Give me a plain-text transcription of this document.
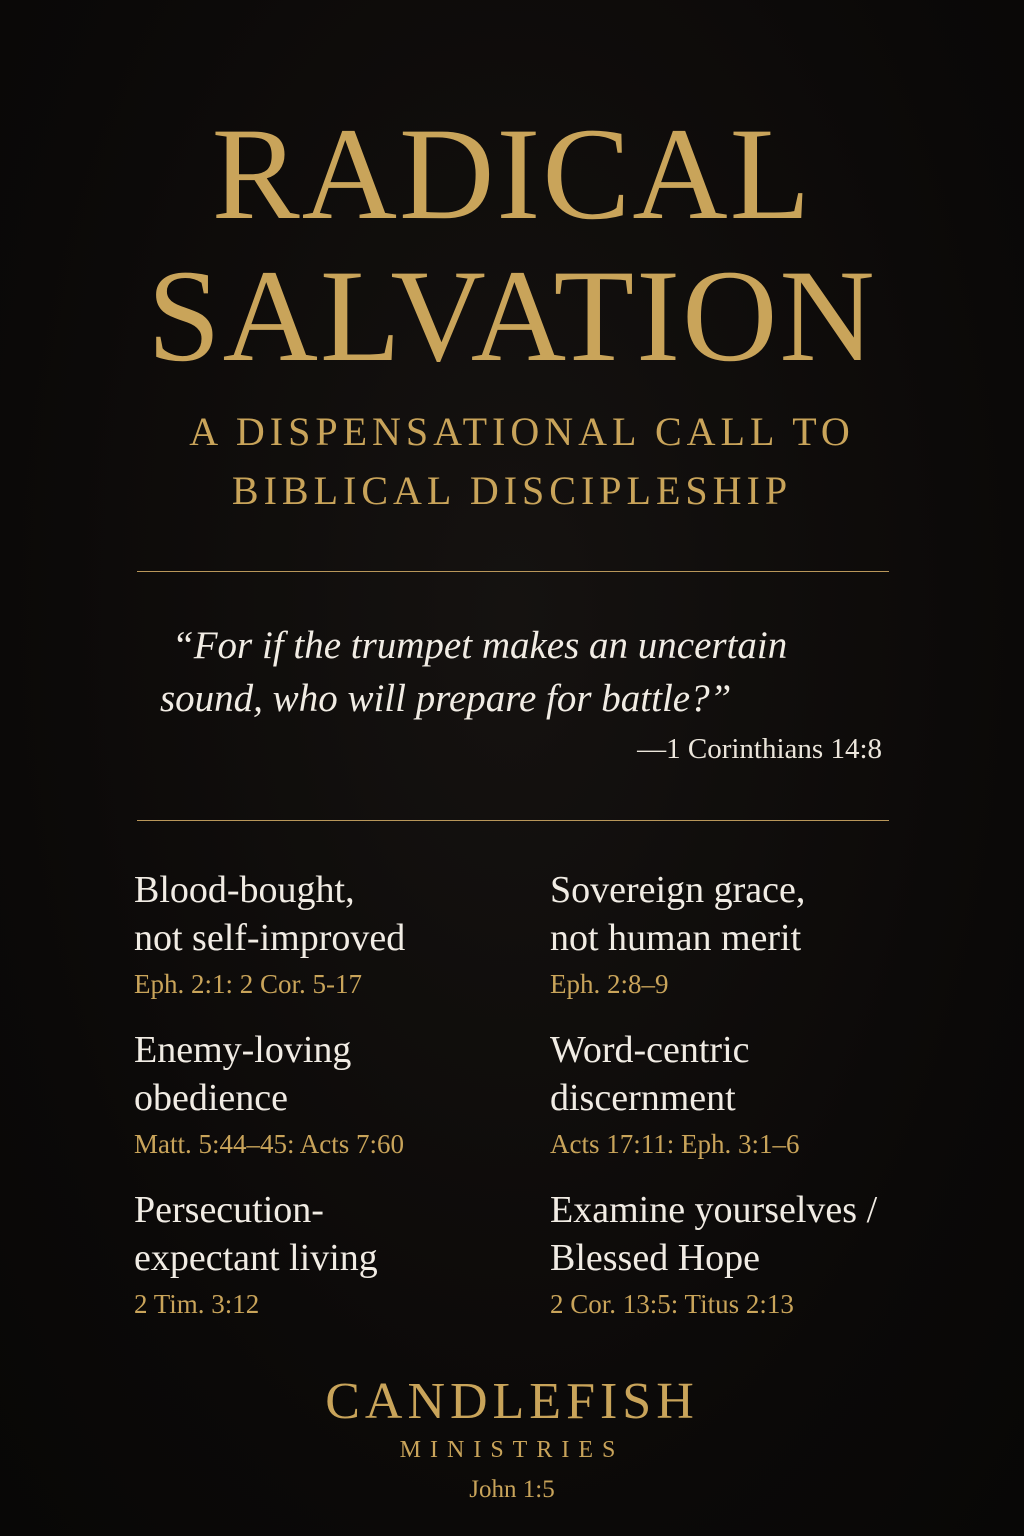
RADICAL
SALVATION
A DISPENSATIONAL CALL TO
BIBLICAL DISCIPLESHIP
“For if the trumpet makes an uncertain
sound, who will prepare for battle?”
—1 Corinthians 14:8
Blood-bought,
not self-improved
Eph. 2:1: 2 Cor. 5-17
Sovereign grace,
not human merit
Eph. 2:8–9
Enemy-loving
obedience
Matt. 5:44–45: Acts 7:60
Word-centric
discernment
Acts 17:11: Eph. 3:1–6
Persecution-
expectant living
2 Tim. 3:12
Examine yourselves /
Blessed Hope
2 Cor. 13:5: Titus 2:13
CANDLEFISH
MINISTRIES
John 1:5
